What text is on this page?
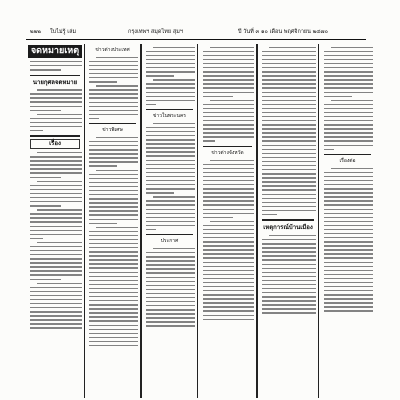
๒๒๒ ใบไม่รู้ เล่ม	กรุงเทพฯ สมุดไทย สุมฯ	ปี วันที่ ๓ ๑๐ เดือน พฤศจิกายน ๒๔๗๐
จดหมายเหตุ
นายกุศลจดหมาย
เรื่อง
ข่าวต่างประเทศ
ข่าวพิเศษ
ข่าวในพระนคร
ประกาศ
ข่าวต่างจังหวัด
เหตุการณ์บ้านเมือง
เรื่องต่อ
